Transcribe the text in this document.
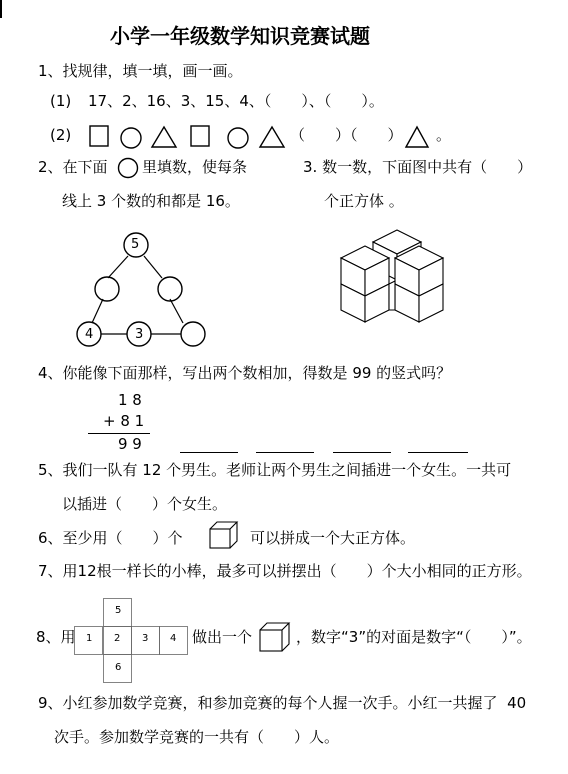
小学一年级数学知识竞赛试题
1、找规律，填一填，画一画。
(1) 17、2、16、3、15、4、（　　）、（　　）。
(2)	（　　）（　　） 。
2、在下面 里填数，使每条
线上 3 个数的和都是 16。
5
4	3
3. 数一数，下面图中共有（　　）
个正方体 。
4、你能像下面那样，写出两个数相加，得数是 99 的竖式吗？
1 8
+ 8 1
9 9
5、我们一队有 12 个男生。老师让两个男生之间插进一个女生。一共可
以插进（　　）个女生。
6、至少用（　　）个	可以拼成一个大正方体。
7、用12根一样长的小棒，最多可以拼摆出（　　）个大小相同的正方形。
8、用
5
1 2 3 4
6
做出一个	，数字“3”的对面是数字“（　　）”。
9、小红参加数学竞赛，和参加竞赛的每个人握一次手。小红一共握了  40
次手。参加数学竞赛的一共有（　　）人。
